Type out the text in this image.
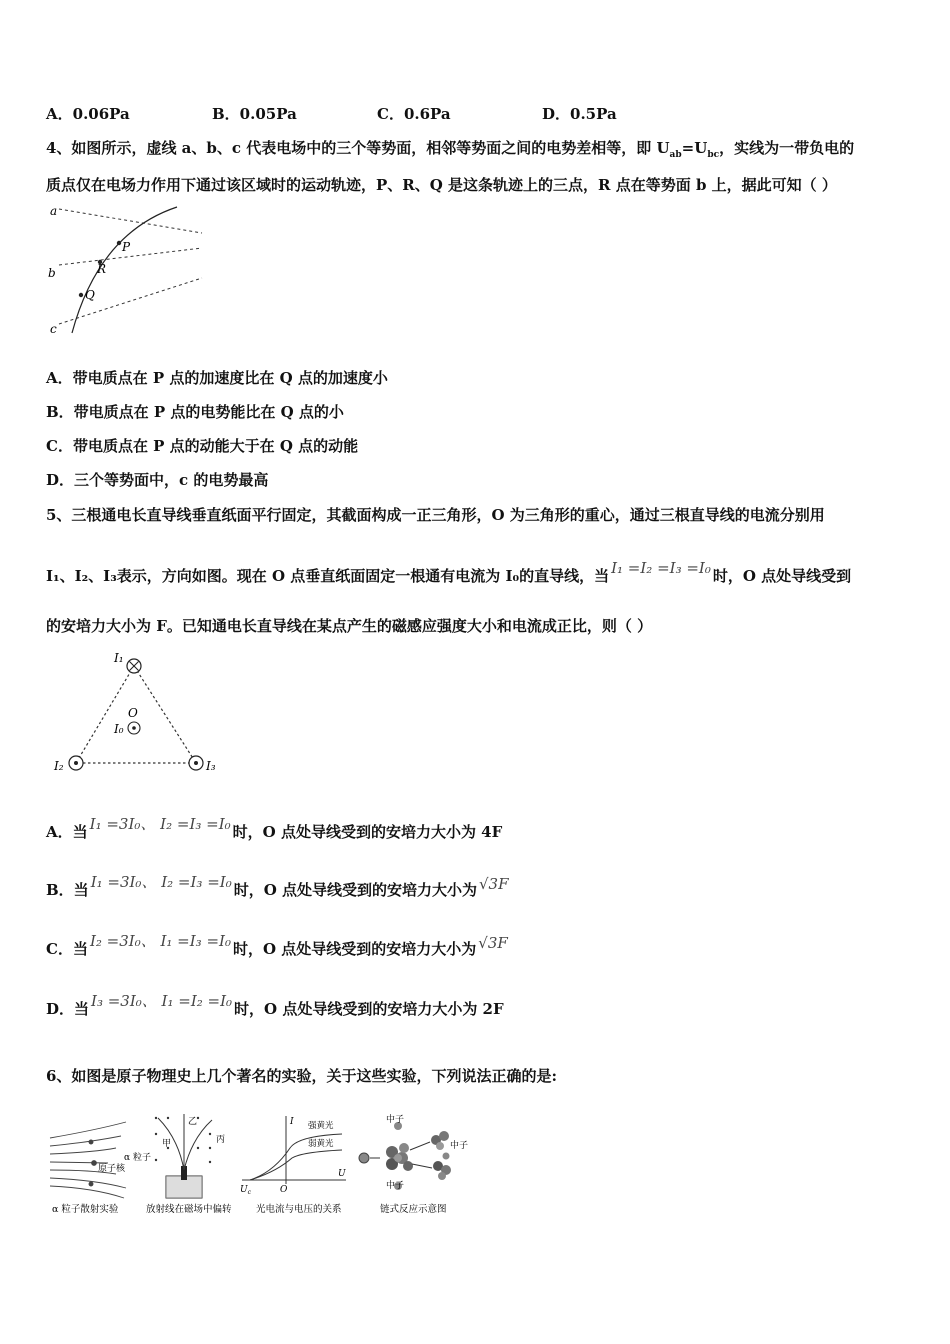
A．0.06Pa	B．0.05Pa	C．0.6Pa	D．0.5Pa
4、如图所示，虚线 a、b、c 代表电场中的三个等势面，相邻等势面之间的电势差相等，即 $U_{ab}=U_{bc}$，实线为一带负电的
质点仅在电场力作用下通过该区域时的运动轨迹，P、R、Q 是这条轨迹上的三点，R 点在等势面 b 上，据此可知（ ）
a
b
c
P
R
Q
A．带电质点在 P 点的加速度比在 Q 点的加速度小
B．带电质点在 P 点的电势能比在 Q 点的小
C．带电质点在 P 点的动能大于在 Q 点的动能
D．三个等势面中，c 的电势最高
5、三根通电长直导线垂直纸面平行固定，其截面构成一正三角形，O 为三角形的重心，通过三根直导线的电流分别用
I₁、I₂、I₃表示，方向如图。现在 O 点垂直纸面固定一根通有电流为 I₀的直导线，当 I₁ =I₂ =I₃ =I₀ 时，O 点处导线受到
的安培力大小为 F。已知通电长直导线在某点产生的磁感应强度大小和电流成正比，则（ ）
I₁
I₂	I₃
O
I₀
A．当 I₁ =3I₀、 I₂ =I₃ =I₀ 时，O 点处导线受到的安培力大小为 4F
B．当 I₁ =3I₀、 I₂ =I₃ =I₀ 时，O 点处导线受到的安培力大小为 √3F
C．当 I₂ =3I₀、 I₁ =I₃ =I₀ 时，O 点处导线受到的安培力大小为 √3F
D．当 I₃ =3I₀、 I₁ =I₂ =I₀ 时，O 点处导线受到的安培力大小为 2F
6、如图是原子物理史上几个著名的实验，关于这些实验，下列说法正确的是:
α 粒子
原子核
α 粒子散射实验
甲
乙
丙
放射线在磁场中偏转
I
U
强黄光
弱黄光
$U_c$	O
光电流与电压的关系
中子
中子
中子
链式反应示意图
